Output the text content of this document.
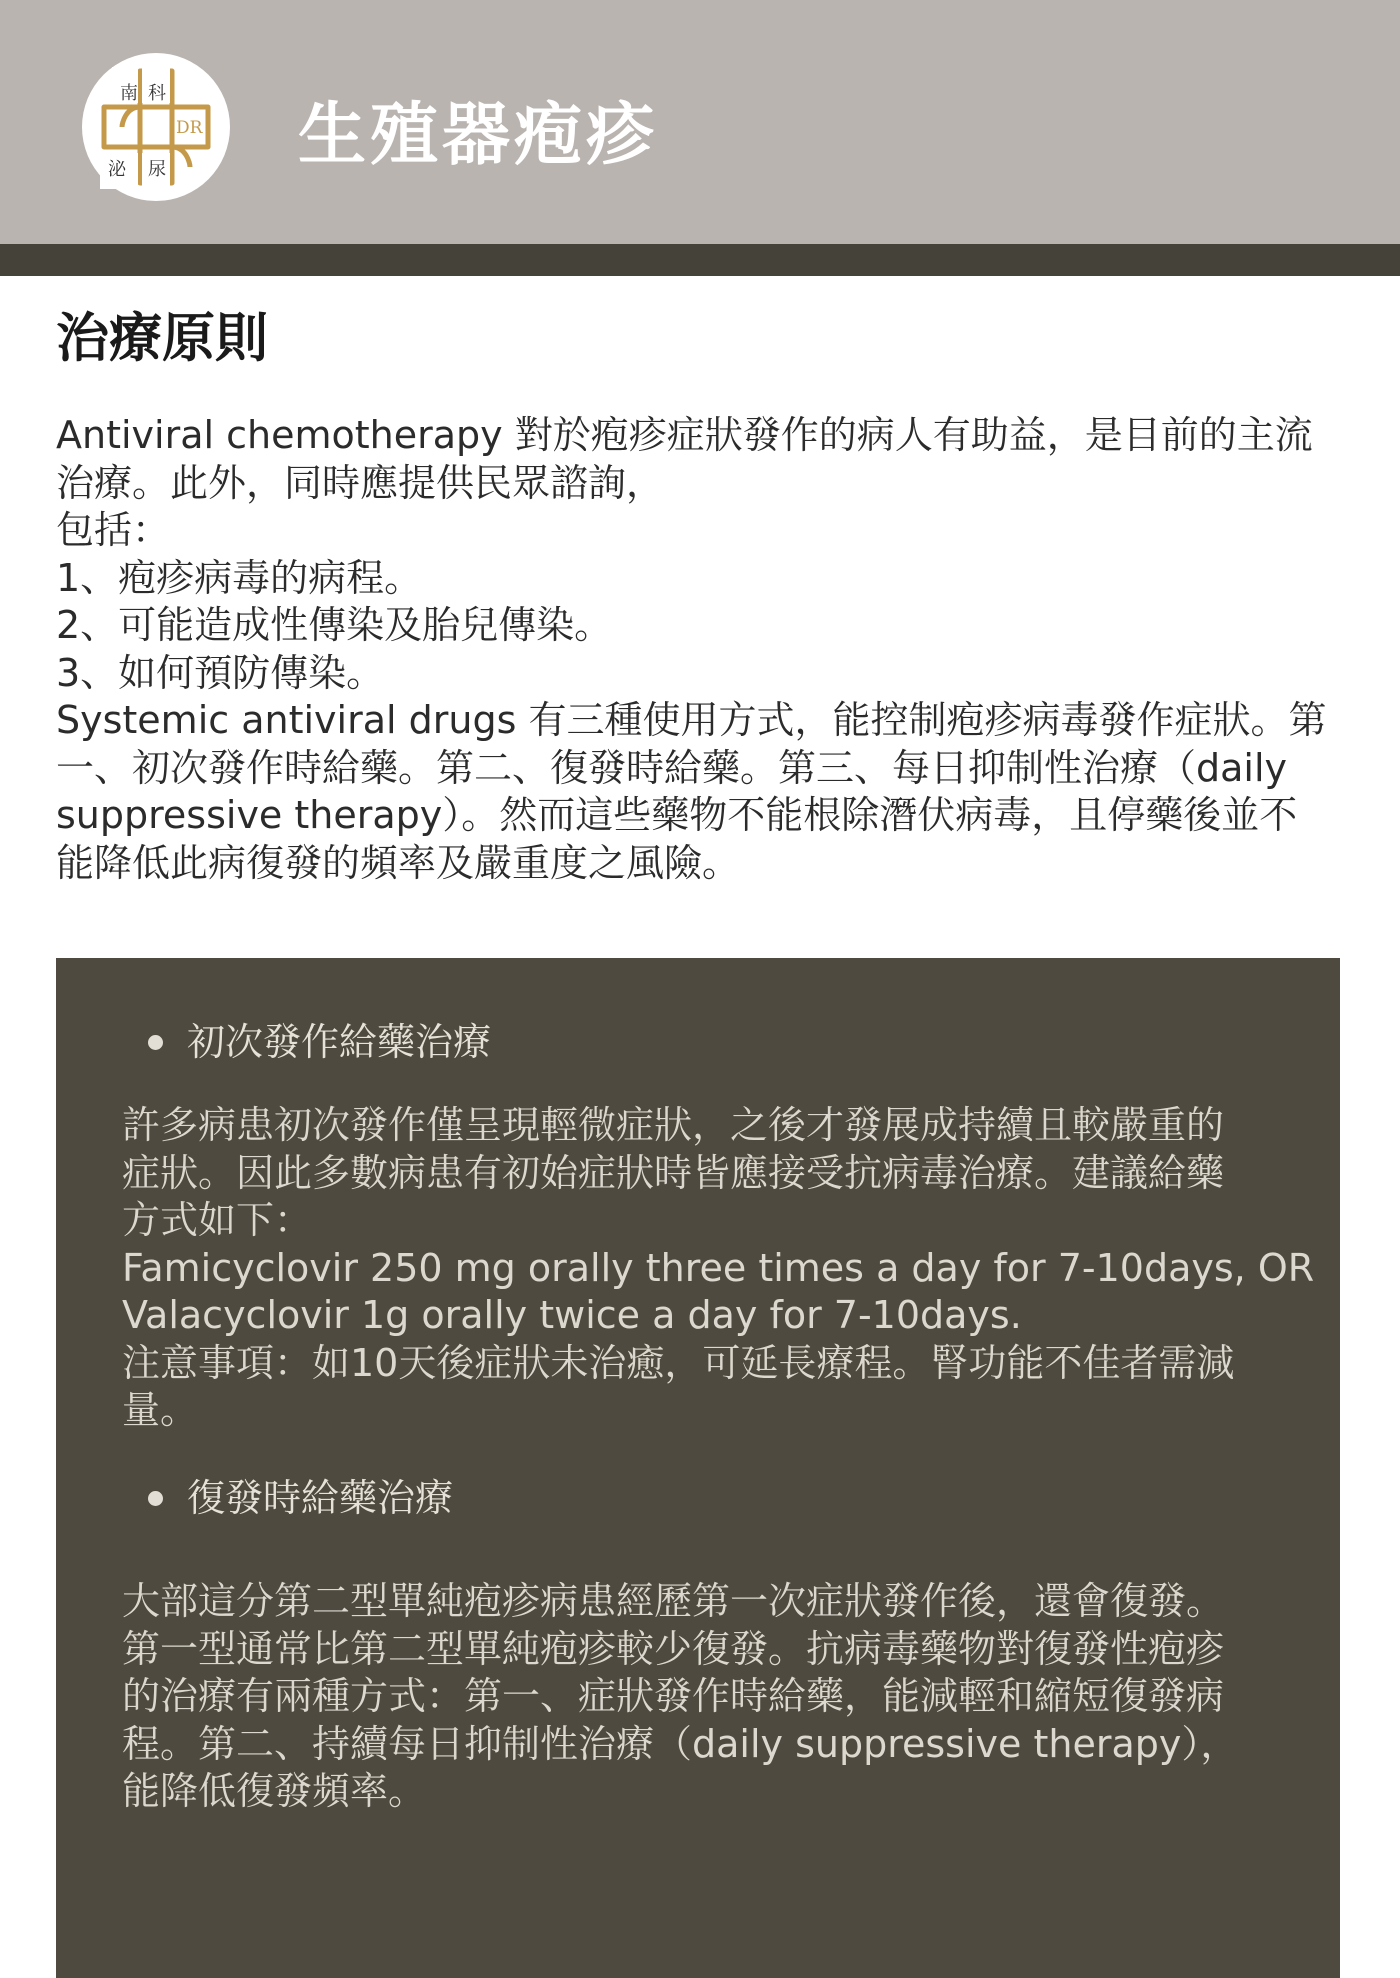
南 科
泌 尿
DR 生殖器疱疹
治療原則

Antiviral chemotherapy 對於疱疹症狀發作的病人有助益，是目前的主流
治療。此外，同時應提供民眾諮詢，
包括：
1、疱疹病毒的病程。
2、可能造成性傳染及胎兒傳染。
3、如何預防傳染。
Systemic antiviral drugs 有三種使用方式，能控制疱疹病毒發作症狀。第
一、初次發作時給藥。第二、復發時給藥。第三、每日抑制性治療（daily
suppressive therapy）。然而這些藥物不能根除潛伏病毒，且停藥後並不
能降低此病復發的頻率及嚴重度之風險。

初次發作給藥治療

許多病患初次發作僅呈現輕微症狀，之後才發展成持續且較嚴重的
症狀。因此多數病患有初始症狀時皆應接受抗病毒治療。建議給藥
方式如下：
Famicyclovir 250 mg orally three times a day for 7-10days, OR
Valacyclovir 1g orally twice a day for 7-10days.
注意事項：如10天後症狀未治癒，可延長療程。腎功能不佳者需減
量。

復發時給藥治療

大部這分第二型單純疱疹病患經歷第一次症狀發作後，還會復發。
第一型通常比第二型單純疱疹較少復發。抗病毒藥物對復發性疱疹
的治療有兩種方式：第一、症狀發作時給藥，能減輕和縮短復發病
程。第二、持續每日抑制性治療（daily suppressive therapy），
能降低復發頻率。
